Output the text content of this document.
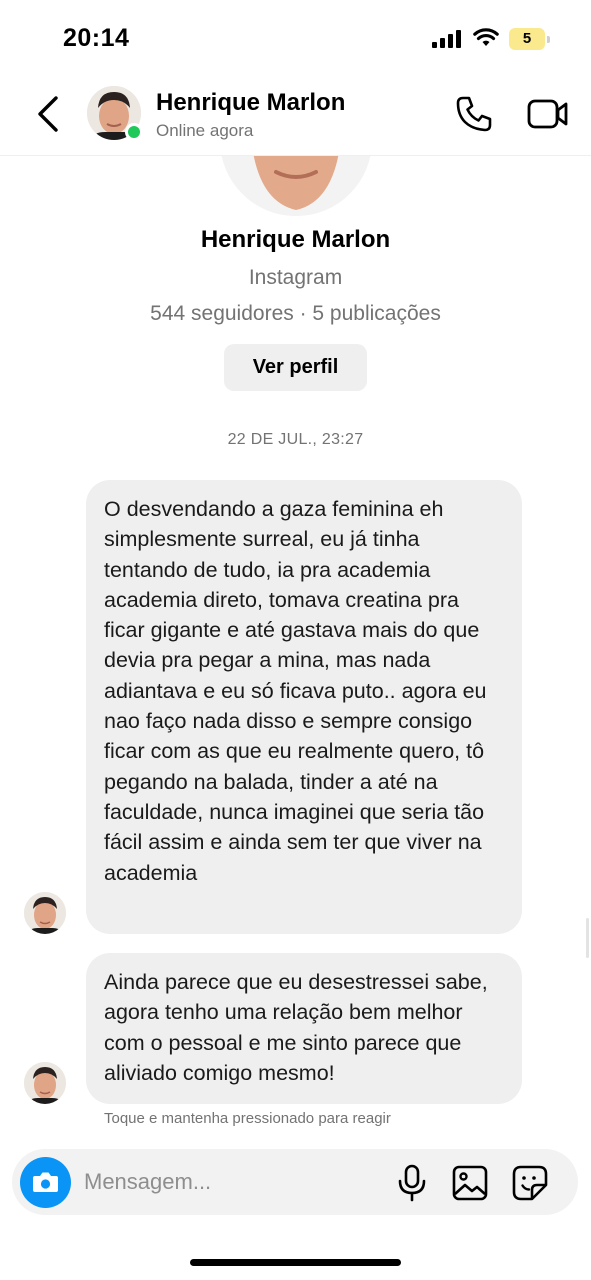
20:14	5
Henrique Marlon
Instagram
544 seguidores · 5 publicações
Ver perfil
Henrique Marlon
Online agora
22 DE JUL., 23:27
O desvendando a gaza feminina eh simplesmente surreal, eu já tinha tentando de tudo, ia pra academia academia direto, tomava creatina pra ficar gigante e até gastava mais do que devia pra pegar a mina, mas nada adiantava e eu só ficava puto.. agora eu nao faço nada disso e sempre consigo ficar com as que eu realmente quero, tô pegando na balada, tinder a até na faculdade, nunca imaginei que seria tão fácil assim e ainda sem ter que viver na academia
Ainda parece que eu desestressei sabe, agora tenho uma relação bem melhor com o pessoal e me sinto parece que aliviado comigo mesmo!
Toque e mantenha pressionado para reagir
Mensagem...
